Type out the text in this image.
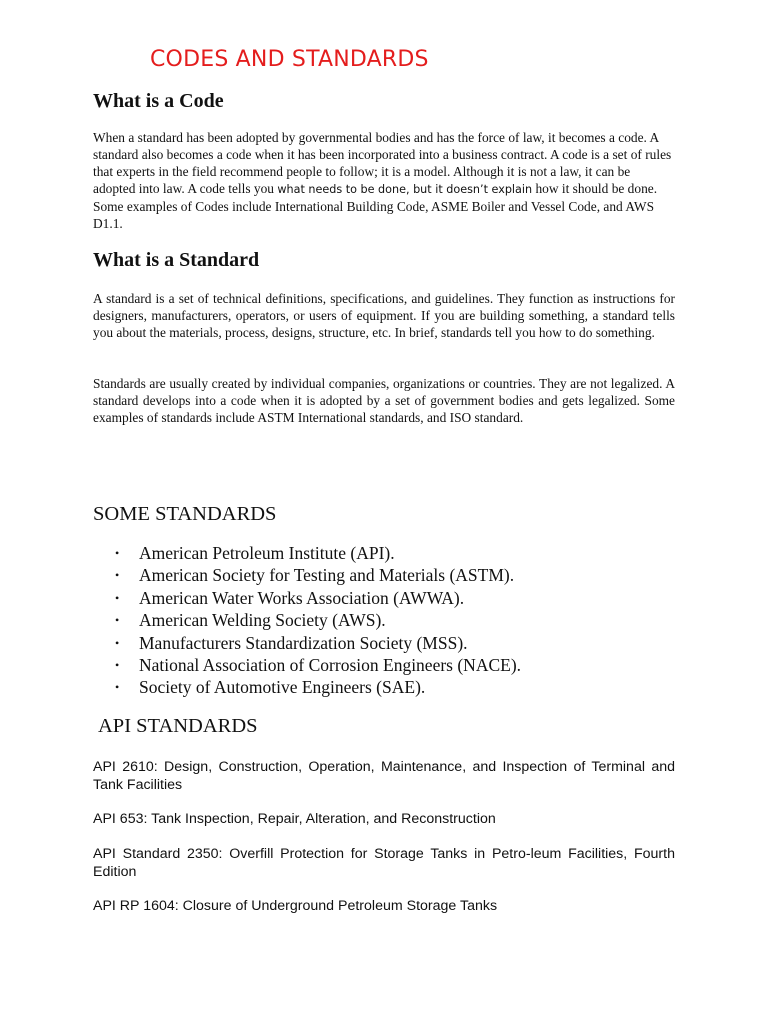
CODES AND STANDARDS
What is a Code

When a standard has been adopted by governmental bodies and has the force of law, it becomes a code. A standard also becomes a code when it has been incorporated into a business contract. A code is a set of rules that experts in the field recommend people to follow; it is a model. Although it is not a law, it can be adopted into law. A code tells you what needs to be done, but it doesn’t explain how it should be done. Some examples of Codes include International Building Code, ASME Boiler and Vessel Code, and AWS D1.1.

What is a Standard

A standard is a set of technical definitions, specifications, and guidelines. They function as instructions for designers, manufacturers, operators, or users of equipment. If you are building something, a standard tells you about the materials, process, designs, structure, etc. In brief, standards tell you how to do something.

Standards are usually created by individual companies, organizations or countries. They are not legalized. A standard develops into a code when it is adopted by a set of government bodies and gets legalized. Some examples of standards include ASTM International standards, and ISO standard.

SOME STANDARDS
• American Petroleum Institute (API).
• American Society for Testing and Materials (ASTM).
• American Water Works Association (AWWA).
• American Welding Society (AWS).
• Manufacturers Standardization Society (MSS).
• National Association of Corrosion Engineers (NACE).
• Society of Automotive Engineers (SAE).
API STANDARDS

API 2610: Design, Construction, Operation, Maintenance, and Inspection of Terminal and Tank Facilities

API 653: Tank Inspection, Repair, Alteration, and Reconstruction

API Standard 2350: Overfill Protection for Storage Tanks in Petro-leum Facilities, Fourth Edition

API RP 1604: Closure of Underground Petroleum Storage Tanks
